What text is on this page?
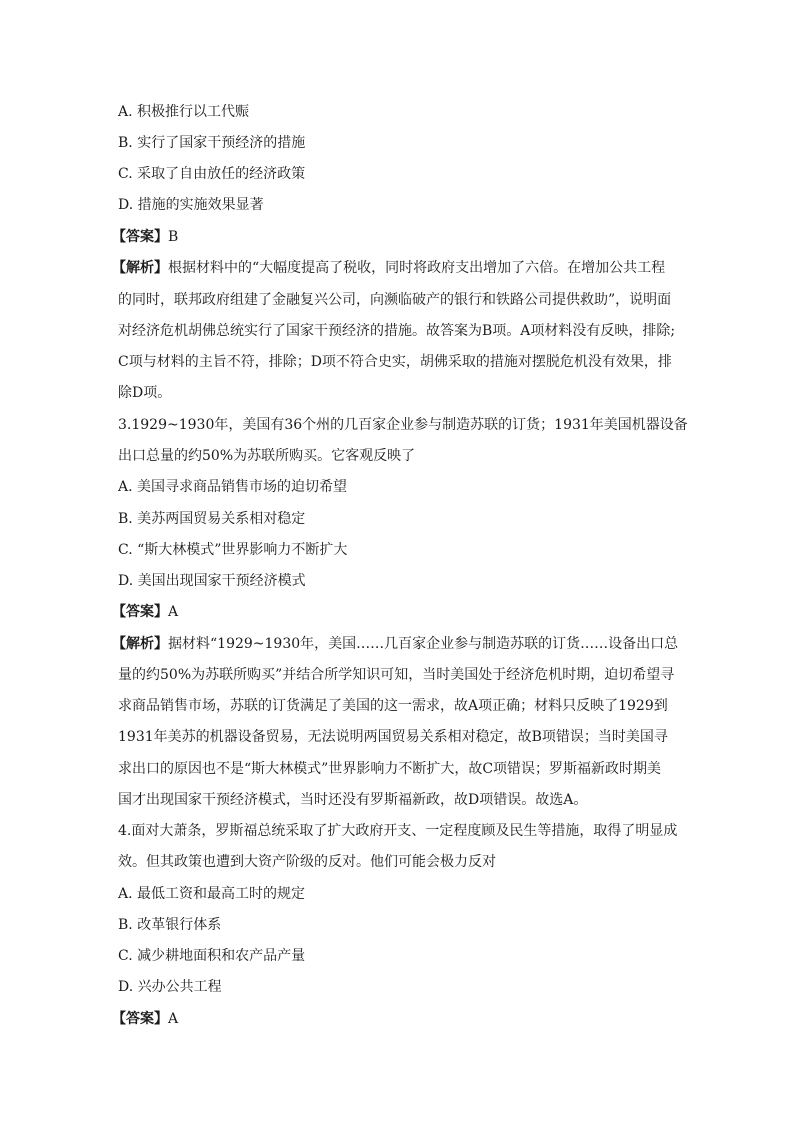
A. 积极推行以工代赈
B. 实行了国家干预经济的措施
C. 采取了自由放任的经济政策
D. 措施的实施效果显著
【答案】B
【解析】根据材料中的“大幅度提高了税收，同时将政府支出增加了六倍。在增加公共工程
的同时，联邦政府组建了金融复兴公司，向濒临破产的银行和铁路公司提供救助”，说明面
对经济危机胡佛总统实行了国家干预经济的措施。故答案为B项。A项材料没有反映，排除;
C项与材料的主旨不符，排除；D项不符合史实，胡佛采取的措施对摆脱危机没有效果，排
除D项。
3.1929~1930年，美国有36个州的几百家企业参与制造苏联的订货；1931年美国机器设备
出口总量的约50%为苏联所购买。它客观反映了
A. 美国寻求商品销售市场的迫切希望
B. 美苏两国贸易关系相对稳定
C. “斯大林模式”世界影响力不断扩大
D. 美国出现国家干预经济模式
【答案】A
【解析】据材料“1929~1930年，美国……几百家企业参与制造苏联的订货……设备出口总
量的约50%为苏联所购买”并结合所学知识可知，当时美国处于经济危机时期，迫切希望寻
求商品销售市场，苏联的订货满足了美国的这一需求，故A项正确；材料只反映了1929到
1931年美苏的机器设备贸易，无法说明两国贸易关系相对稳定，故B项错误；当时美国寻
求出口的原因也不是“斯大林模式”世界影响力不断扩大，故C项错误；罗斯福新政时期美
国才出现国家干预经济模式，当时还没有罗斯福新政，故D项错误。故选A。
4.面对大萧条，罗斯福总统采取了扩大政府开支、一定程度顾及民生等措施，取得了明显成
效。但其政策也遭到大资产阶级的反对。他们可能会极力反对
A. 最低工资和最高工时的规定
B. 改革银行体系
C. 减少耕地面积和农产品产量
D. 兴办公共工程
【答案】A
